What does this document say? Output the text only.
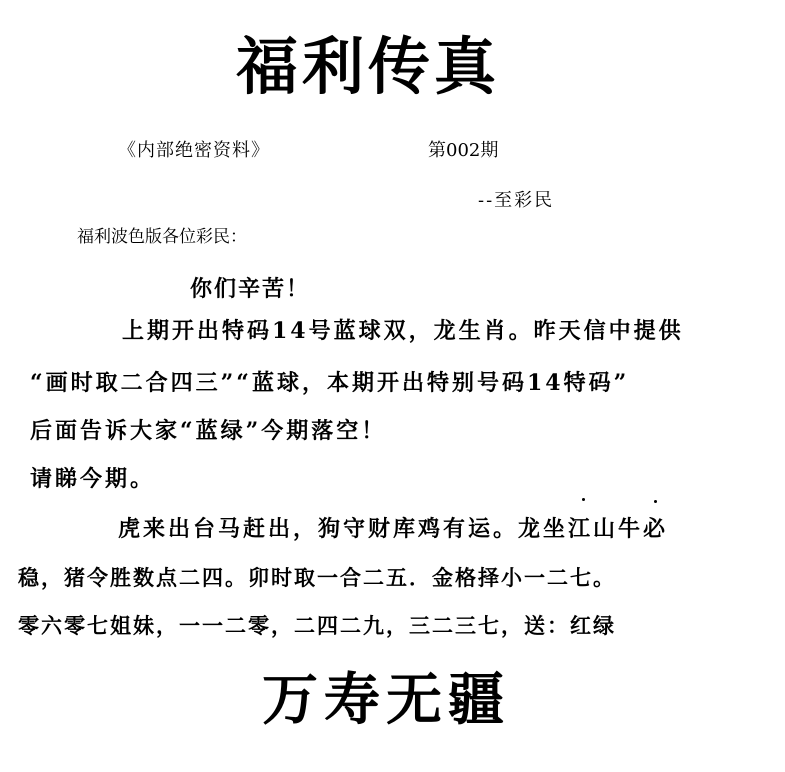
福利传真
《内部绝密资料》	第002期
--至彩民
福利波色版各位彩民：
你们辛苦！
上期开出特码14号蓝球双，龙生肖。昨天信中提供
“画时取二合四三”“蓝球，本期开出特别号码14特码”
后面告诉大家“蓝绿”今期落空！
请睇今期。
虎来出台马赶出，狗守财库鸡有运。龙坐江山牛必
稳，猪令胜数点二四。卯时取一合二五．金格择小一二七。
零六零七姐妹，一一二零，二四二九，三二三七，送：红绿
万寿无疆
